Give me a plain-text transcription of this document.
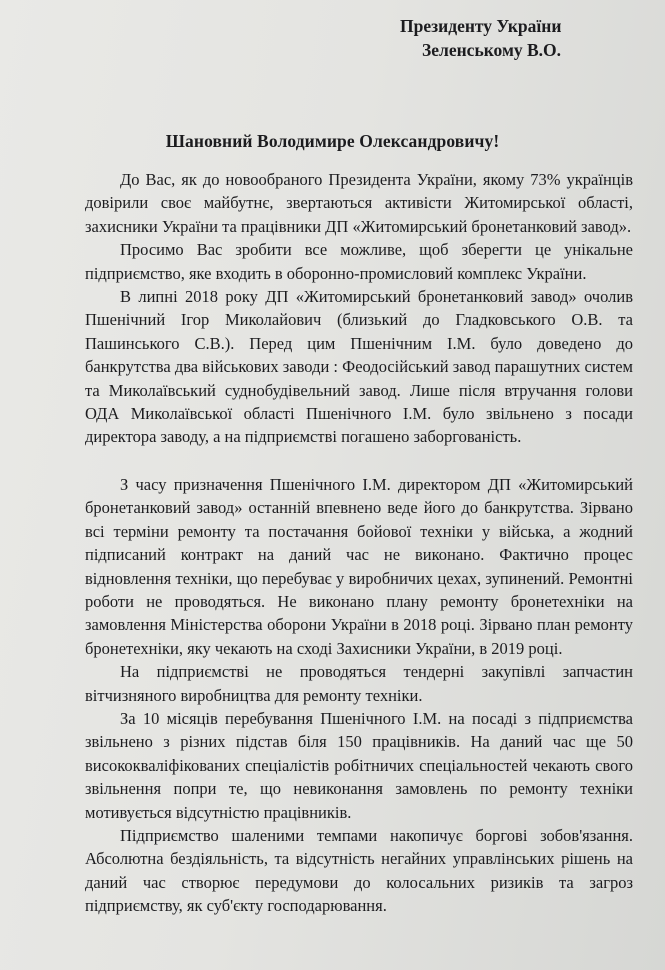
Президенту України
Зеленському В.О.
Шановний Володимире Олександровичу!

До Вас, як до новообраного Президента України, якому 73% українців довірили своє майбутнє, звертаються активісти Житомирської області, захисники України та працівники ДП «Житомирський бронетанковий завод».

Просимо Вас зробити все можливе, щоб зберегти це унікальне підприємство, яке входить в оборонно-промисловий комплекс України.

В липні 2018 року ДП «Житомирський бронетанковий завод» очолив Пшенічний Ігор Миколайович (близький до Гладковського О.В. та Пашинського С.В.). Перед цим Пшенічним І.М. було доведено до банкрутства два військових заводи : Феодосійський завод парашутних систем та Миколаївський суднобудівельний завод. Лише після втручання голови ОДА Миколаївської області Пшенічного І.М. було звільнено з посади директора заводу, а на підприємстві погашено заборгованість.

З часу призначення Пшенічного І.М. директором ДП «Житомирський бронетанковий завод» останній впевнено веде його до банкрутства. Зірвано всі терміни ремонту та постачання бойової техніки у війська, а жодний підписаний контракт на даний час не виконано. Фактично процес відновлення техніки, що перебуває у виробничих цехах, зупинений. Ремонтні роботи не проводяться. Не виконано плану ремонту бронетехніки на замовлення Міністерства оборони України в 2018 році. Зірвано план ремонту бронетехніки, яку чекають на сході Захисники України, в 2019 році.

На підприємстві не проводяться тендерні закупівлі запчастин вітчизняного виробництва для ремонту техніки.

За 10 місяців перебування Пшенічного І.М. на посаді з підприємства звільнено з різних підстав біля 150 працівників. На даний час ще 50 висококваліфікованих спеціалістів робітничих спеціальностей чекають свого звільнення попри те, що невиконання замовлень по ремонту техніки мотивується відсутністю працівників.

Підприємство шаленими темпами накопичує боргові зобов'язання. Абсолютна бездіяльність, та відсутність негайних управлінських рішень на даний час створює передумови до колосальних ризиків та загроз підприємству, як суб'єкту господарювання.
